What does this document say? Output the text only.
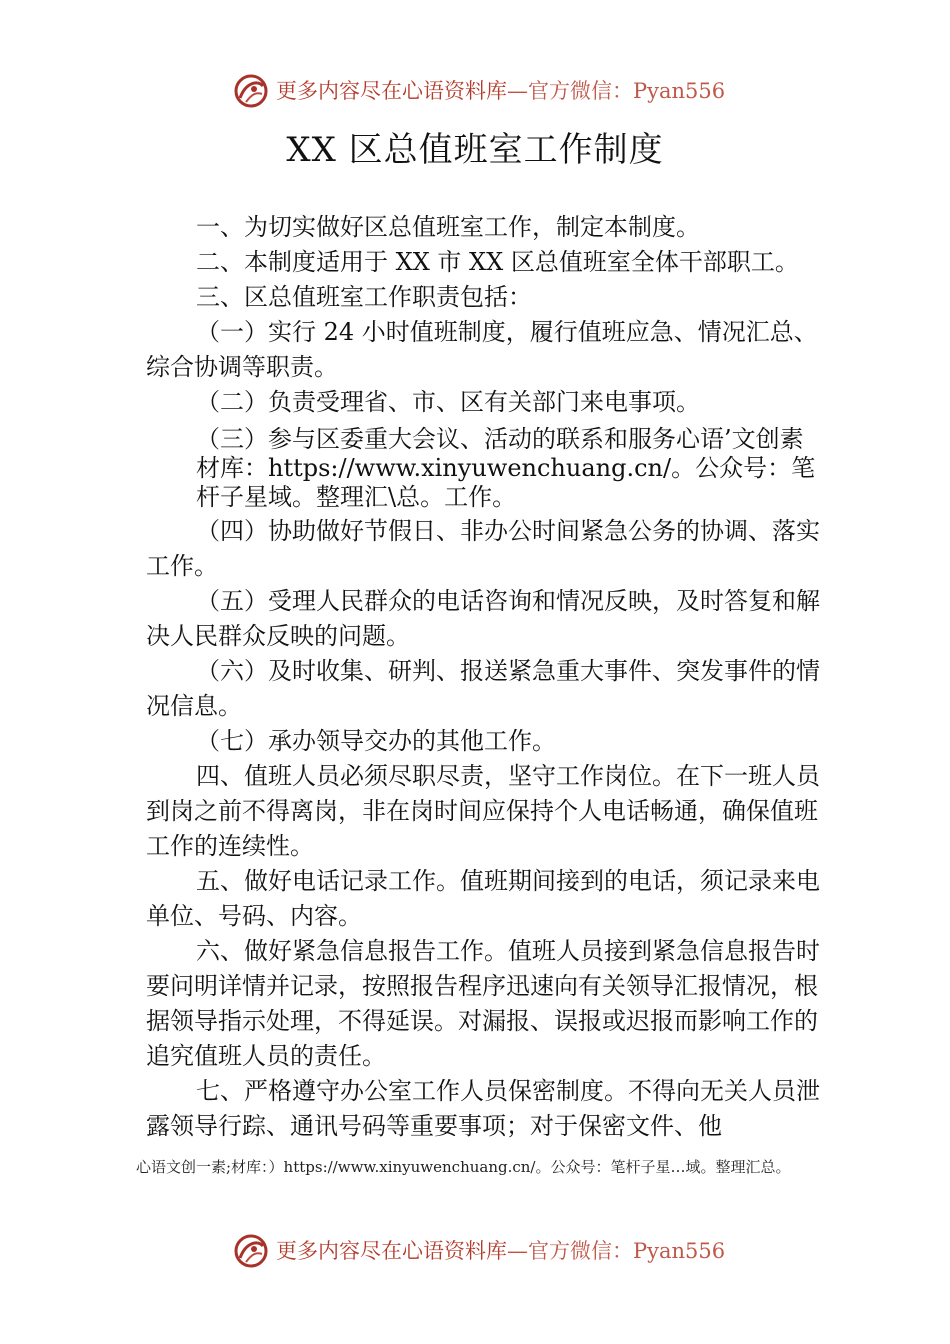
更多内容尽在心语资料库—官方微信：Pyan556
XX 区总值班室工作制度

一、为切实做好区总值班室工作，制定本制度。

二、本制度适用于 XX 市 XX 区总值班室全体干部职工。

三、区总值班室工作职责包括：

（一）实行 24 小时值班制度，履行值班应急、情况汇总、综合协调等职责。

（二）负责受理省、市、区有关部门来电事项。

（三）参与区委重大会议、活动的联系和服务心语’文创素材库：https://www.xinyuwenchuang.cn/。公众号：笔杆子星域。整理汇\总。工作。

（四）协助做好节假日、非办公时间紧急公务的协调、落实工作。

（五）受理人民群众的电话咨询和情况反映，及时答复和解决人民群众反映的问题。

（六）及时收集、研判、报送紧急重大事件、突发事件的情况信息。

（七）承办领导交办的其他工作。

四、值班人员必须尽职尽责，坚守工作岗位。在下一班人员到岗之前不得离岗，非在岗时间应保持个人电话畅通，确保值班工作的连续性。

五、做好电话记录工作。值班期间接到的电话，须记录来电单位、号码、内容。

六、做好紧急信息报告工作。值班人员接到紧急信息报告时要问明详情并记录，按照报告程序迅速向有关领导汇报情况，根据领导指示处理，不得延误。对漏报、误报或迟报而影响工作的追究值班人员的责任。

七、严格遵守办公室工作人员保密制度。不得向无关人员泄露领导行踪、通讯号码等重要事项；对于保密文件、他

心语文创一素;材库：）https://www.xinyuwenchuang.cn/。公众号：笔杆子星…域。整理汇总。
更多内容尽在心语资料库—官方微信：Pyan556
